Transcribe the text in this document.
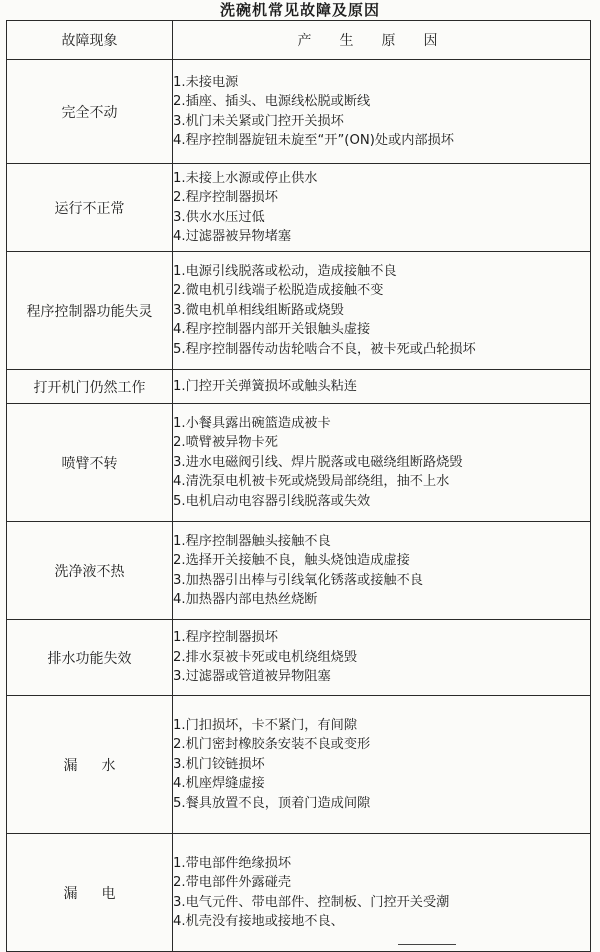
洗碗机常见故障及原因
故障现象	产生原因
完全不动	1.未接电源
2.插座、插头、电源线松脱或断线
3.机门未关紧或门控开关损坏
4.程序控制器旋钮未旋至“开”(ON)处或内部损坏

运行不正常	1.未接上水源或停止供水
2.程序控制器损坏
3.供水水压过低
4.过滤器被异物堵塞

程序控制器功能失灵	1.电源引线脱落或松动，造成接触不良
2.微电机引线端子松脱造成接触不变
3.微电机单相线组断路或烧毁
4.程序控制器内部开关银触头虚接
5.程序控制器传动齿轮啮合不良，被卡死或凸轮损坏

打开机门仍然工作	1.门控开关弹簧损坏或触头粘连

喷臂不转	1.小餐具露出碗篮造成被卡
2.喷臂被异物卡死
3.进水电磁阀引线、焊片脱落或电磁绕组断路烧毁
4.清洗泵电机被卡死或烧毁局部绕组，抽不上水
5.电机启动电容器引线脱落或失效

洗净液不热	1.程序控制器触头接触不良
2.选择开关接触不良，触头烧蚀造成虚接
3.加热器引出棒与引线氧化锈落或接触不良
4.加热器内部电热丝烧断

排水功能失效	1.程序控制器损坏
2.排水泵被卡死或电机绕组烧毁
3.过滤器或管道被异物阻塞

漏水	1.门扣损坏，卡不紧门，有间隙
2.机门密封橡胶条安装不良或变形
3.机门铰链损坏
4.机座焊缝虚接
5.餐具放置不良，顶着门造成间隙

漏电	1.带电部件绝缘损坏
2.带电部件外露碰壳
3.电气元件、带电部件、控制板、门控开关受潮
4.机壳没有接地或接地不良、
